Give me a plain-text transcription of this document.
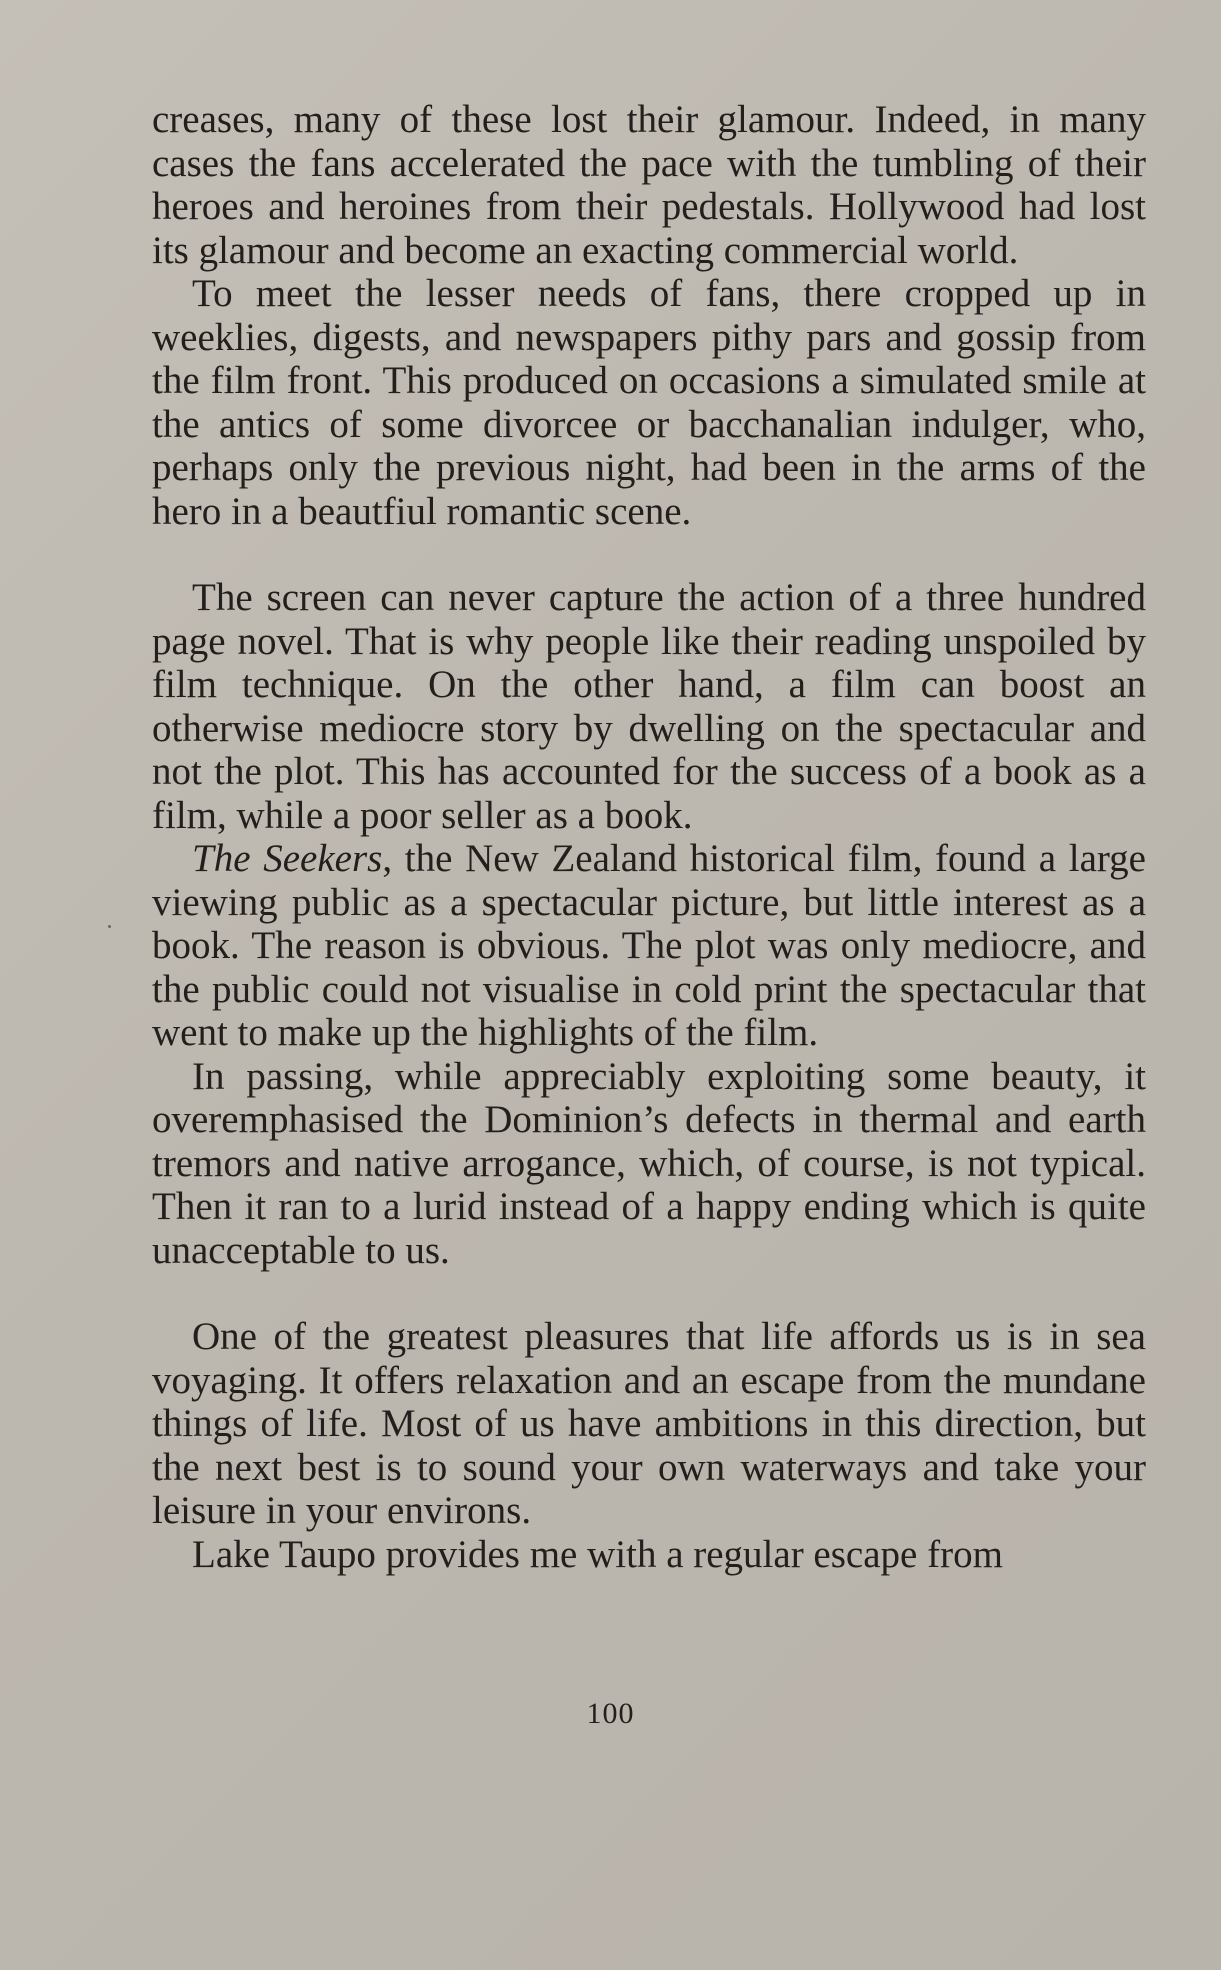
creases, many of these lost their glamour. Indeed, in many cases the fans accelerated the pace with the tumbling of their heroes and heroines from their pedestals. Hollywood had lost its glamour and become an exacting commercial world.

To meet the lesser needs of fans, there cropped up in weeklies, digests, and newspapers pithy pars and gossip from the film front. This produced on occasions a simulated smile at the antics of some divorcee or bacchanalian indulger, who, perhaps only the previous night, had been in the arms of the hero in a beautfiul romantic scene.

The screen can never capture the action of a three hundred page novel. That is why people like their reading unspoiled by film technique. On the other hand, a film can boost an otherwise mediocre story by dwelling on the spectacular and not the plot. This has accounted for the success of a book as a film, while a poor seller as a book.

The Seekers, the New Zealand historical film, found a large viewing public as a spectacular picture, but little interest as a book. The reason is obvious. The plot was only mediocre, and the public could not visualise in cold print the spectacular that went to make up the highlights of the film.

In passing, while appreciably exploiting some beauty, it overemphasised the Dominion’s defects in thermal and earth tremors and native arrogance, which, of course, is not typical. Then it ran to a lurid instead of a happy ending which is quite unacceptable to us.

One of the greatest pleasures that life affords us is in sea voyaging. It offers relaxation and an escape from the mundane things of life. Most of us have ambitions in this direction, but the next best is to sound your own waterways and take your leisure in your environs.

Lake Taupo provides me with a regular escape from

100
